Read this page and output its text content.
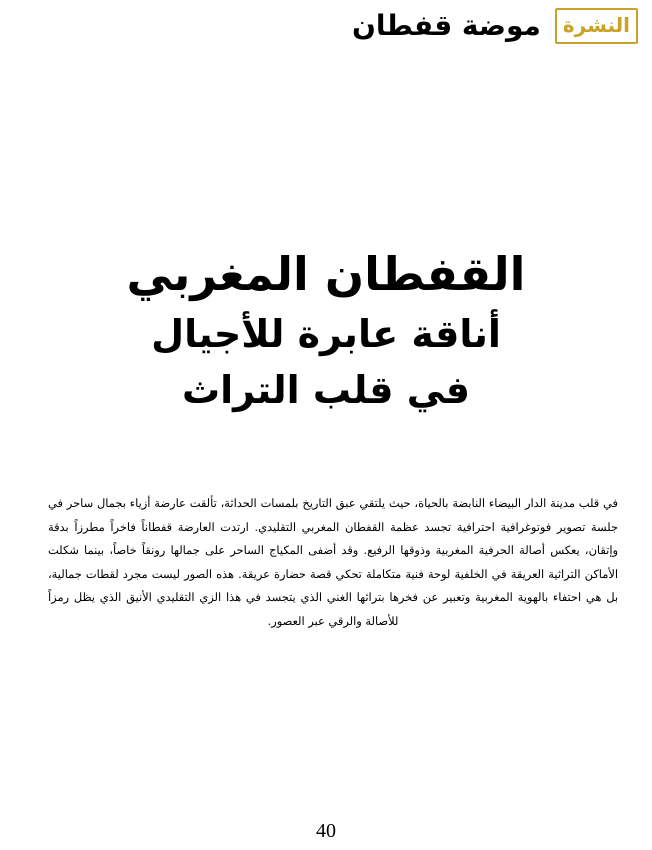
النشرة
موضة قفطان
القفطان المغربي
أناقة عابرة للأجيال
في قلب التراث
في قلب مدينة الدار البيضاء النابضة بالحياة، حيث يلتقي عبق التاريخ بلمسات الحداثة، تألقت عارضة أزياء بجمال ساحر في جلسة تصوير فوتوغرافية احترافية تجسد عظمة القفطان المغربي التقليدي. ارتدت العارضة قفطاناً فاخراً مطرزاً بدقة وإتقان، يعكس أصالة الحرفية المغربية وذوقها الرفيع. وقد أضفى المكياج الساحر على جمالها رونقاً خاصاً، بينما شكلت الأماكن التراثية العريقة في الخلفية لوحة فنية متكاملة تحكي قصة حضارة عريقة. هذه الصور ليست مجرد لقطات جمالية، بل هي احتفاء بالهوية المغربية وتعبير عن فخرها بتراثها الغني الذي يتجسد في هذا الزي التقليدي الأنيق الذي يظل رمزاً للأصالة والرقي عبر العصور.
40
